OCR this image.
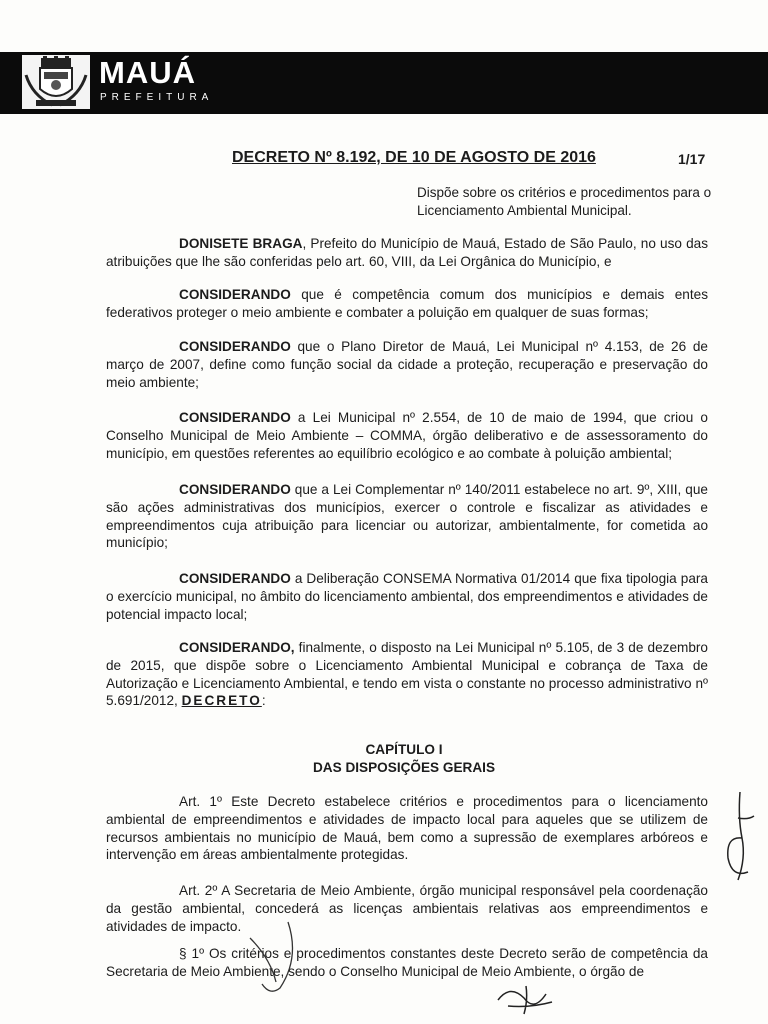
MAUÁ
PREFEITURA
DECRETO Nº 8.192, DE 10 DE AGOSTO DE 2016	1/17
Dispõe sobre os critérios e procedimentos para o Licenciamento Ambiental Municipal.
DONISETE BRAGA, Prefeito do Município de Mauá, Estado de São Paulo, no uso das atribuições que lhe são conferidas pelo art. 60, VIII, da Lei Orgânica do Município, e
CONSIDERANDO que é competência comum dos municípios e demais entes federativos proteger o meio ambiente e combater a poluição em qualquer de suas formas;
CONSIDERANDO que o Plano Diretor de Mauá, Lei Municipal nº 4.153, de 26 de março de 2007, define como função social da cidade a proteção, recuperação e preservação do meio ambiente;
CONSIDERANDO a Lei Municipal nº 2.554, de 10 de maio de 1994, que criou o Conselho Municipal de Meio Ambiente – COMMA, órgão deliberativo e de assessoramento do município, em questões referentes ao equilíbrio ecológico e ao combate à poluição ambiental;
CONSIDERANDO que a Lei Complementar nº 140/2011 estabelece no art. 9º, XIII, que são ações administrativas dos municípios, exercer o controle e fiscalizar as atividades e empreendimentos cuja atribuição para licenciar ou autorizar, ambientalmente, for cometida ao município;
CONSIDERANDO a Deliberação CONSEMA Normativa 01/2014 que fixa tipologia para o exercício municipal, no âmbito do licenciamento ambiental, dos empreendimentos e atividades de potencial impacto local;
CONSIDERANDO, finalmente, o disposto na Lei Municipal nº 5.105, de 3 de dezembro de 2015, que dispõe sobre o Licenciamento Ambiental Municipal e cobrança de Taxa de Autorização e Licenciamento Ambiental, e tendo em vista o constante no processo administrativo nº 5.691/2012, DECRETO:
CAPÍTULO I
DAS DISPOSIÇÕES GERAIS
Art. 1º Este Decreto estabelece critérios e procedimentos para o licenciamento ambiental de empreendimentos e atividades de impacto local para aqueles que se utilizem de recursos ambientais no município de Mauá, bem como a supressão de exemplares arbóreos e intervenção em áreas ambientalmente protegidas.
Art. 2º A Secretaria de Meio Ambiente, órgão municipal responsável pela coordenação da gestão ambiental, concederá as licenças ambientais relativas aos empreendimentos e atividades de impacto.
§ 1º Os critérios e procedimentos constantes deste Decreto serão de competência da Secretaria de Meio Ambiente, sendo o Conselho Municipal de Meio Ambiente, o órgão de
